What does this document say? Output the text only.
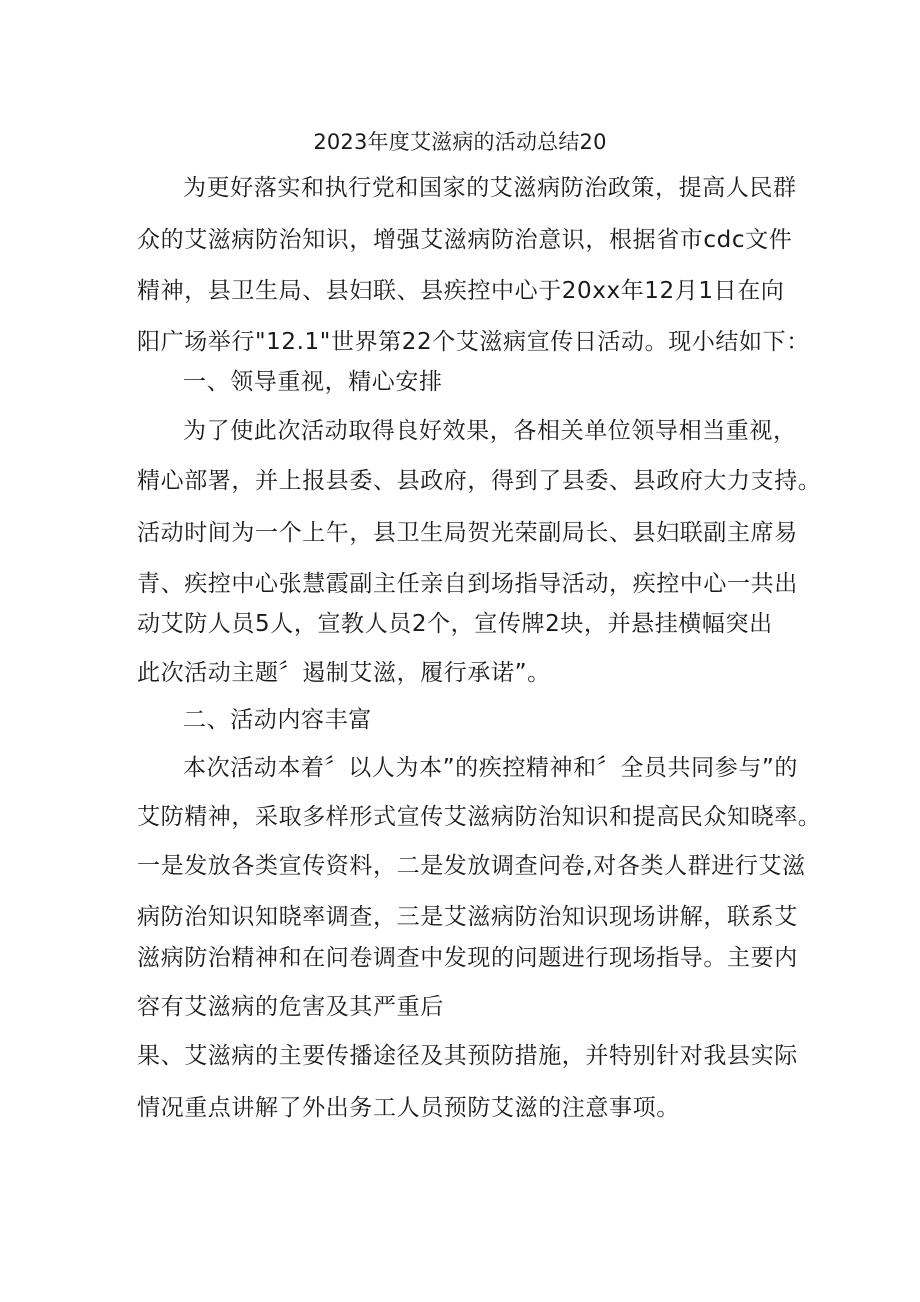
2023年度艾滋病的活动总结20
为更好落实和执行党和国家的艾滋病防治政策，提高人民群
众的艾滋病防治知识，增强艾滋病防治意识，根据省市cdc文件
精神，县卫生局、县妇联、县疾控中心于20xx年12月1日在向
阳广场举行"12.1"世界第22个艾滋病宣传日活动。现小结如下：
一、领导重视，精心安排
为了使此次活动取得良好效果，各相关单位领导相当重视，
精心部署，并上报县委、县政府，得到了县委、县政府大力支持。
活动时间为一个上午，县卫生局贺光荣副局长、县妇联副主席易
青、疾控中心张慧霞副主任亲自到场指导活动，疾控中心一共出
动艾防人员5人，宣教人员2个，宣传牌2块，并悬挂横幅突出
此次活动主题〞遏制艾滋，履行承诺”。
二、活动内容丰富
本次活动本着〞以人为本”的疾控精神和〞全员共同参与”的
艾防精神，采取多样形式宣传艾滋病防治知识和提高民众知晓率。
一是发放各类宣传资料，二是发放调查问卷,对各类人群进行艾滋
病防治知识知晓率调查，三是艾滋病防治知识现场讲解，联系艾
滋病防治精神和在问卷调查中发现的问题进行现场指导。主要内
容有艾滋病的危害及其严重后
果、艾滋病的主要传播途径及其预防措施，并特别针对我县实际
情况重点讲解了外出务工人员预防艾滋的注意事项。
